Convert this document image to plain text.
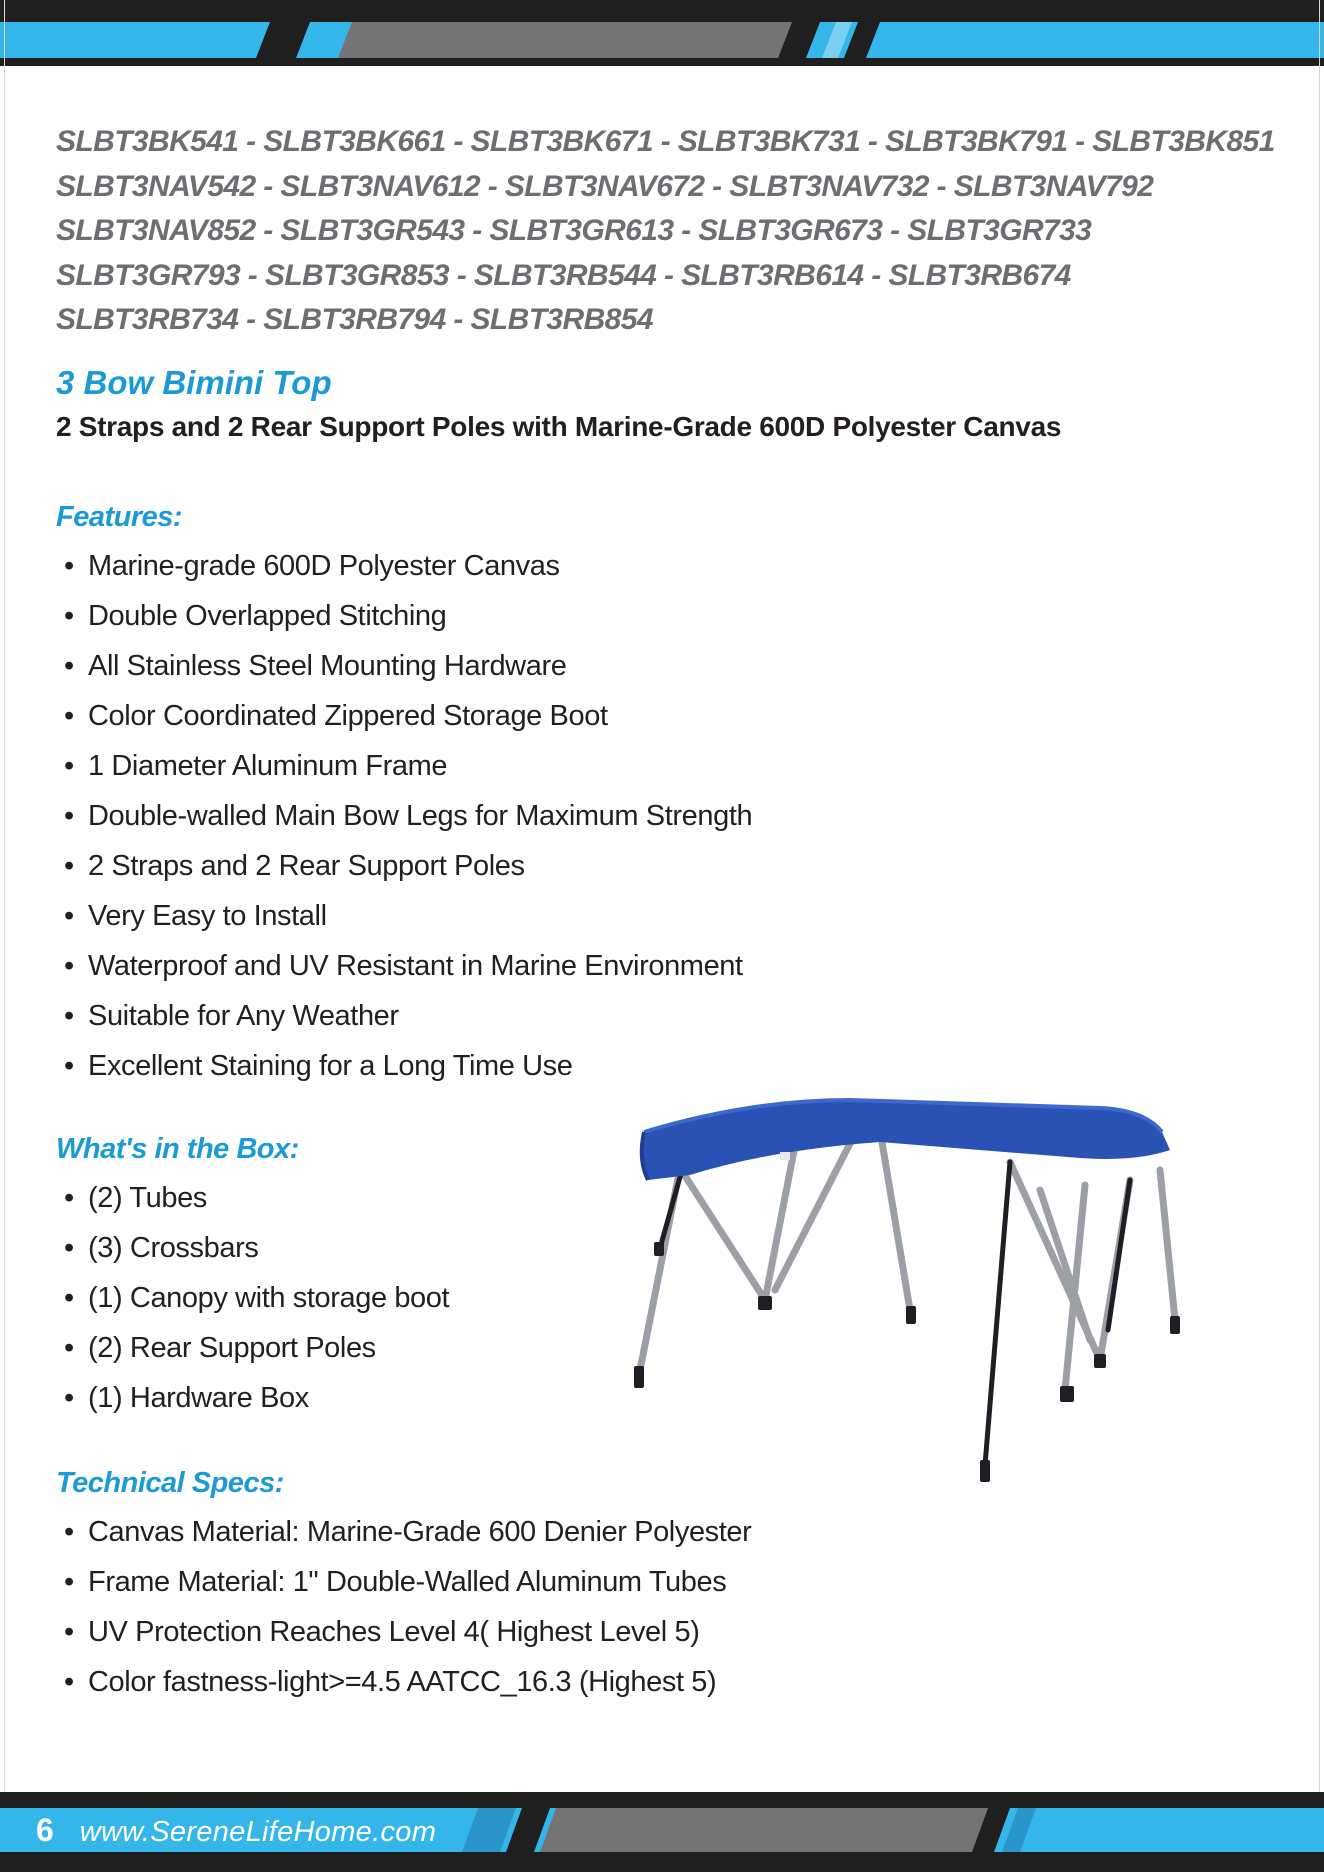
SLBT3BK541 - SLBT3BK661 - SLBT3BK671 - SLBT3BK731 - SLBT3BK791 - SLBT3BK851
SLBT3NAV542 - SLBT3NAV612 - SLBT3NAV672 - SLBT3NAV732 - SLBT3NAV792
SLBT3NAV852 - SLBT3GR543 - SLBT3GR613 - SLBT3GR673 - SLBT3GR733
SLBT3GR793 - SLBT3GR853 - SLBT3RB544 - SLBT3RB614 - SLBT3RB674
SLBT3RB734 - SLBT3RB794 - SLBT3RB854
3 Bow Bimini Top
2 Straps and 2 Rear Support Poles with Marine-Grade 600D Polyester Canvas
Features:
• Marine-grade 600D Polyester Canvas
• Double Overlapped Stitching
• All Stainless Steel Mounting Hardware
• Color Coordinated Zippered Storage Boot
• 1 Diameter Aluminum Frame
• Double-walled Main Bow Legs for Maximum Strength
• 2 Straps and 2 Rear Support Poles
• Very Easy to Install
• Waterproof and UV Resistant in Marine Environment
• Suitable for Any Weather
• Excellent Staining for a Long Time Use
What's in the Box:
• (2) Tubes
• (3) Crossbars
• (1) Canopy with storage boot
• (2) Rear Support Poles
• (1) Hardware Box
Technical Specs:
• Canvas Material: Marine-Grade 600 Denier Polyester
• Frame Material: 1" Double-Walled Aluminum Tubes
• UV Protection Reaches Level 4( Highest Level 5)
• Color fastness-light>=4.5 AATCC_16.3 (Highest 5)
6 www.SereneLifeHome.com
